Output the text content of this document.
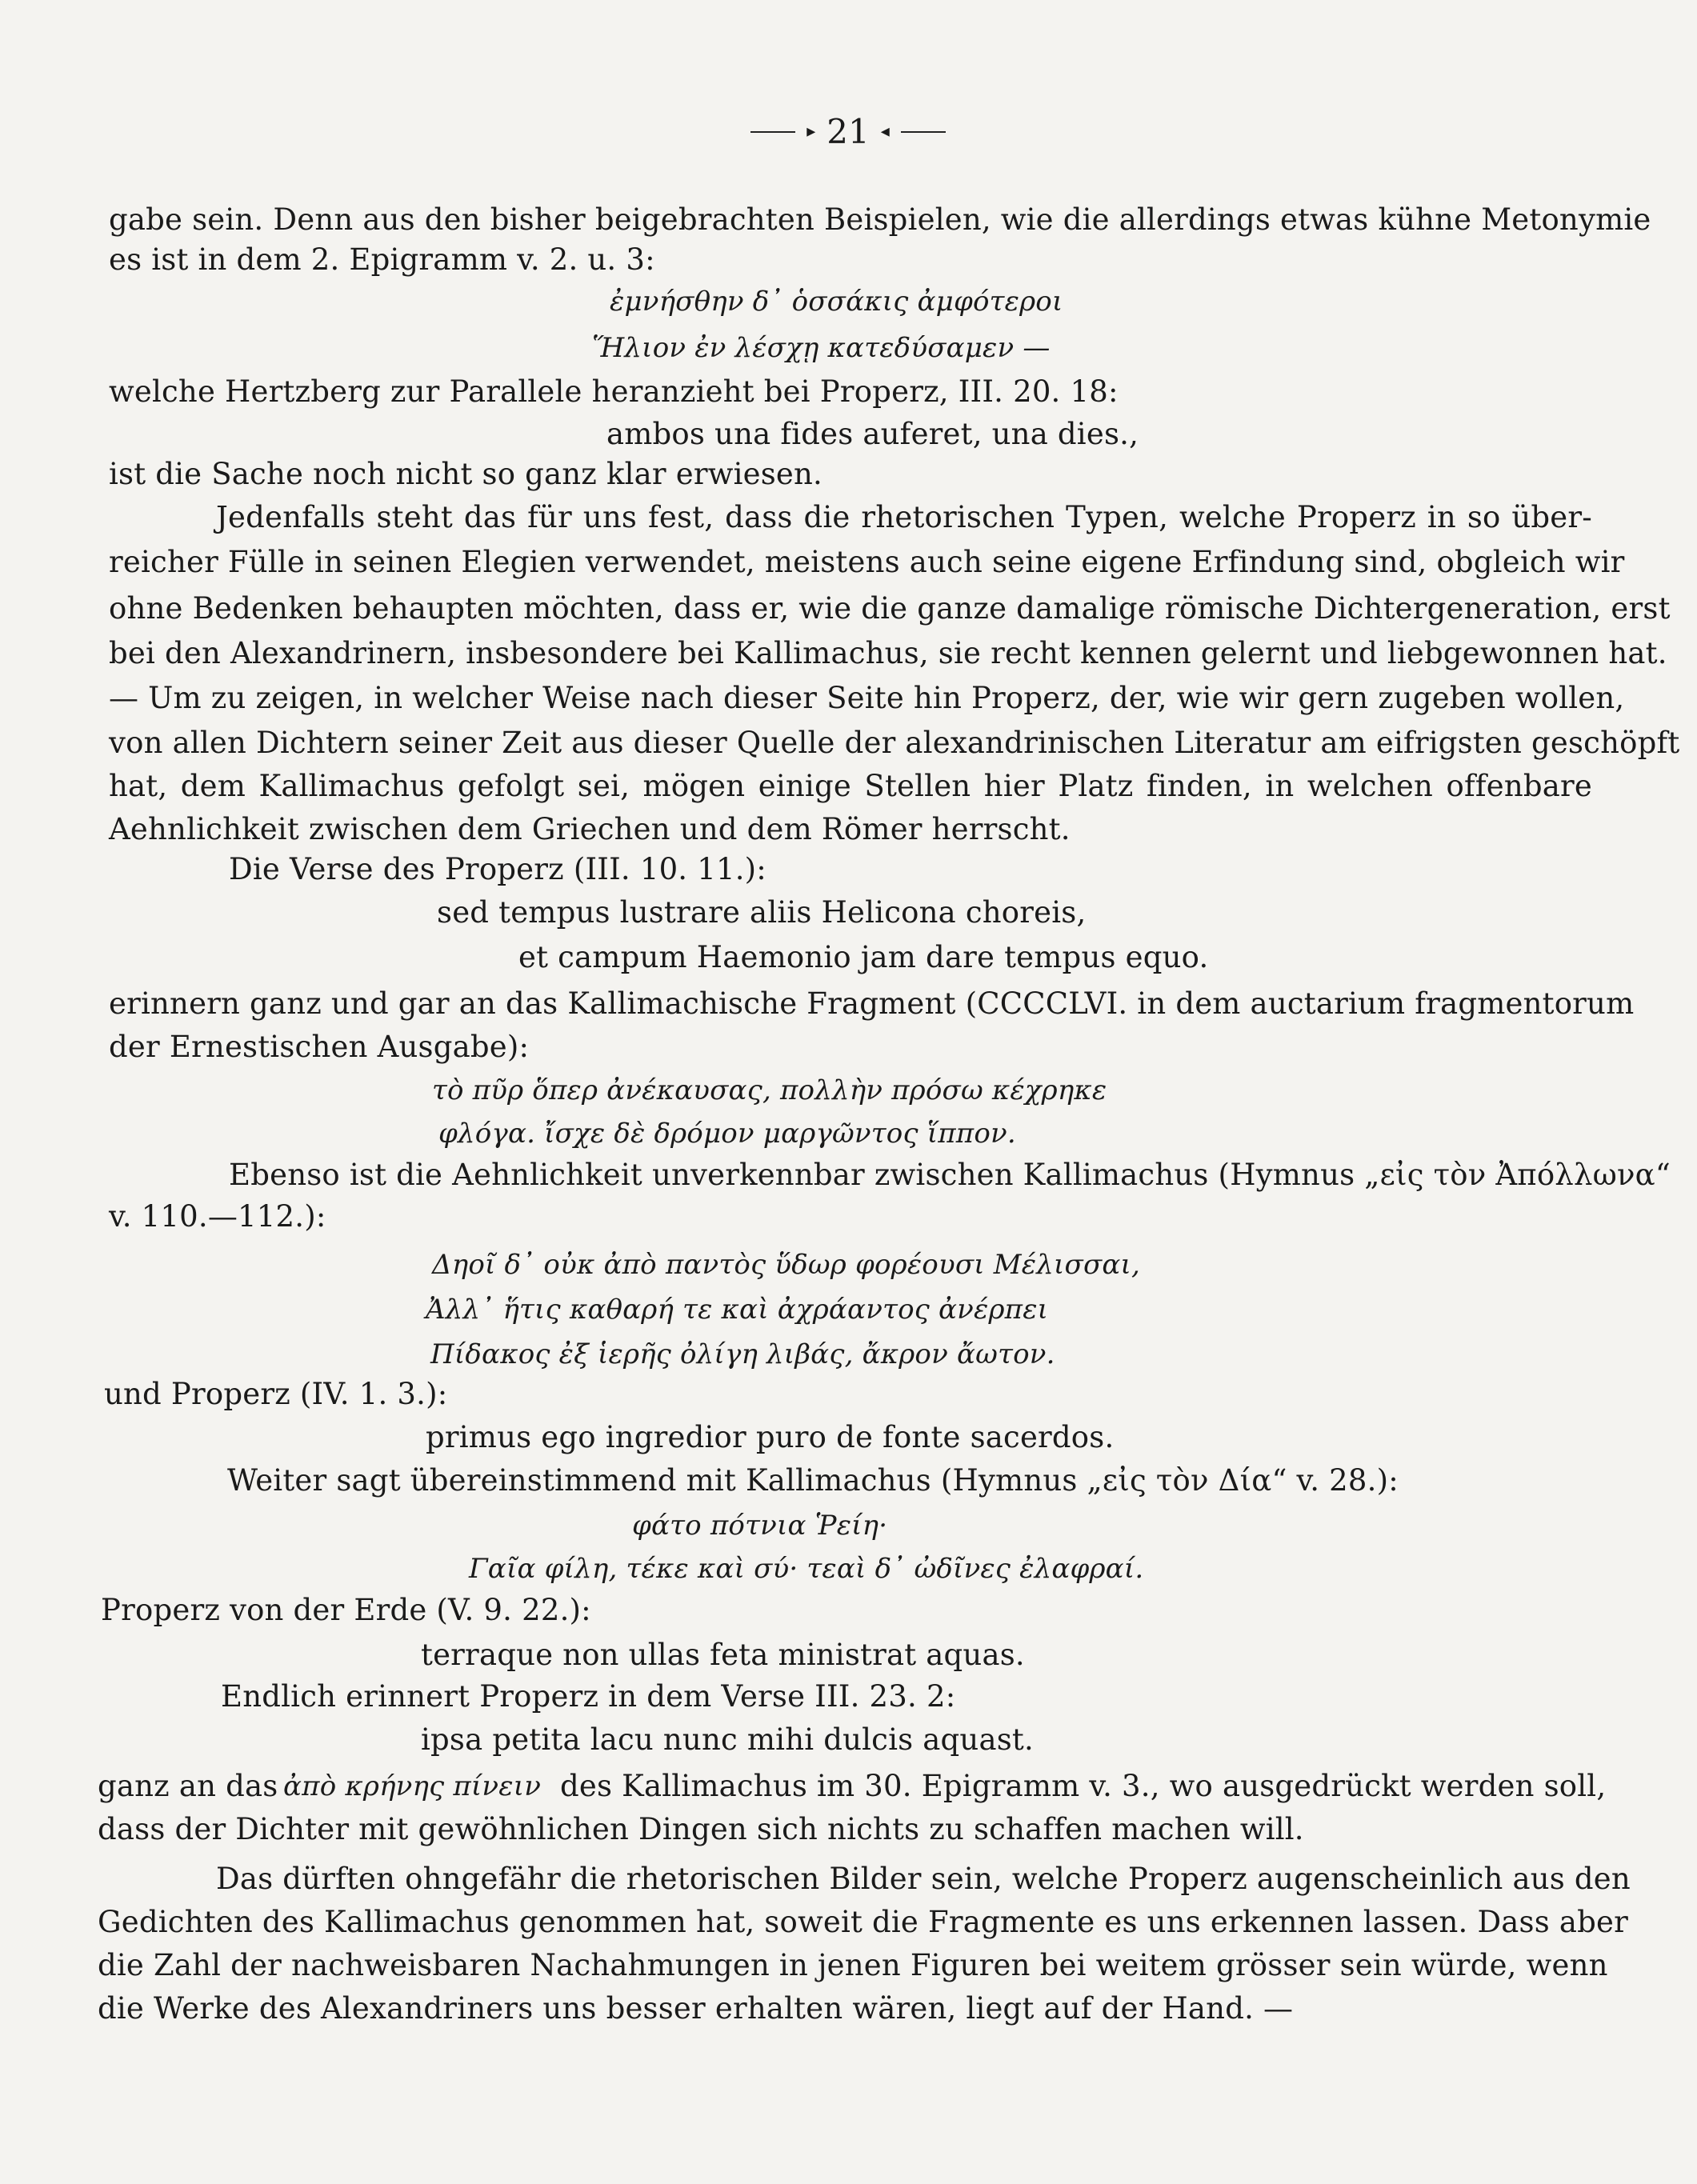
▸ 21 ◂
gabe sein. Denn aus den bisher beigebrachten Beispielen, wie die allerdings etwas kühne Metonymie
es ist in dem 2. Epigramm v. 2. u. 3:
ἐμνήσθην δ᾽ ὁσσάκις ἀμφότεροι
Ἥλιον ἐν λέσχῃ κατεδύσαμεν —
welche Hertzberg zur Parallele heranzieht bei Properz, III. 20. 18:
ambos una fides auferet, una dies.,
ist die Sache noch nicht so ganz klar erwiesen.
Jedenfalls steht das für uns fest, dass die rhetorischen Typen, welche Properz in so über-
reicher Fülle in seinen Elegien verwendet, meistens auch seine eigene Erfindung sind, obgleich wir
ohne Bedenken behaupten möchten, dass er, wie die ganze damalige römische Dichtergeneration, erst
bei den Alexandrinern, insbesondere bei Kallimachus, sie recht kennen gelernt und liebgewonnen hat.
— Um zu zeigen, in welcher Weise nach dieser Seite hin Properz, der, wie wir gern zugeben wollen,
von allen Dichtern seiner Zeit aus dieser Quelle der alexandrinischen Literatur am eifrigsten geschöpft
hat, dem Kallimachus gefolgt sei, mögen einige Stellen hier Platz finden, in welchen offenbare
Aehnlichkeit zwischen dem Griechen und dem Römer herrscht.
Die Verse des Properz (III. 10. 11.):
sed tempus lustrare aliis Helicona choreis,
et campum Haemonio jam dare tempus equo.
erinnern ganz und gar an das Kallimachische Fragment (CCCCLVI. in dem auctarium fragmentorum
der Ernestischen Ausgabe):
τὸ πῦρ ὅπερ ἀνέκαυσας, πολλὴν πρόσω κέχρηκε
φλόγα. ἴσχε δὲ δρόμον μαργῶντος ἵππον.
Ebenso ist die Aehnlichkeit unverkennbar zwischen Kallimachus (Hymnus „εἰς τὸν Ἀπόλλωνα“
v. 110.—112.):
Δηοῖ δ᾽ οὐκ ἀπὸ παντὸς ὕδωρ φορέουσι Μέλισσαι,
Ἀλλ᾽ ἥτις καθαρή τε καὶ ἀχράαντος ἀνέρπει
Πίδακος ἐξ ἱερῆς ὀλίγη λιβάς, ἄκρον ἄωτον.
und Properz (IV. 1. 3.):
primus ego ingredior puro de fonte sacerdos.
Weiter sagt übereinstimmend mit Kallimachus (Hymnus „εἰς τὸν Δία“ v. 28.):
φάτο πότνια Ῥείη·
Γαῖα φίλη, τέκε καὶ σύ· τεαὶ δ᾽ ὠδῖνες ἐλαφραί.
Properz von der Erde (V. 9. 22.):
terraque non ullas feta ministrat aquas.
Endlich erinnert Properz in dem Verse III. 23. 2:
ipsa petita lacu nunc mihi dulcis aquast.
ganz an das ἀπὸ κρήνης πίνειν des Kallimachus im 30. Epigramm v. 3., wo ausgedrückt werden soll,
dass der Dichter mit gewöhnlichen Dingen sich nichts zu schaffen machen will.
Das dürften ohngefähr die rhetorischen Bilder sein, welche Properz augenscheinlich aus den
Gedichten des Kallimachus genommen hat, soweit die Fragmente es uns erkennen lassen. Dass aber
die Zahl der nachweisbaren Nachahmungen in jenen Figuren bei weitem grösser sein würde, wenn
die Werke des Alexandriners uns besser erhalten wären, liegt auf der Hand. —
